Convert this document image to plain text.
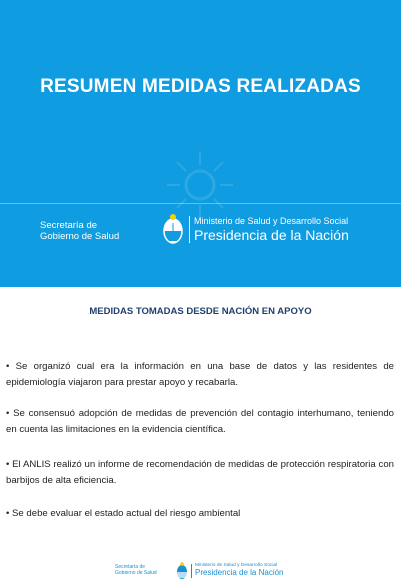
RESUMEN MEDIDAS REALIZADAS
Secretaría de
Gobierno de Salud
Ministerio de Salud y Desarrollo Social
Presidencia de la Nación
MEDIDAS TOMADAS DESDE NACIÓN EN APOYO
• Se organizó cual era la información en una base de datos y las residentes de epidemiología viajaron para prestar apoyo y recabarla.
• Se consensuó adopción de medidas de prevención del contagio interhumano, teniendo en cuenta las limitaciones en la evidencia científica.
• El ANLIS realizó un informe de recomendación de medidas de protección respiratoria con barbijos de alta eficiencia.
• Se debe evaluar el estado actual del riesgo ambiental
Secretaría de
Gobierno de Salud
Ministerio de Salud y Desarrollo Social
Presidencia de la Nación
